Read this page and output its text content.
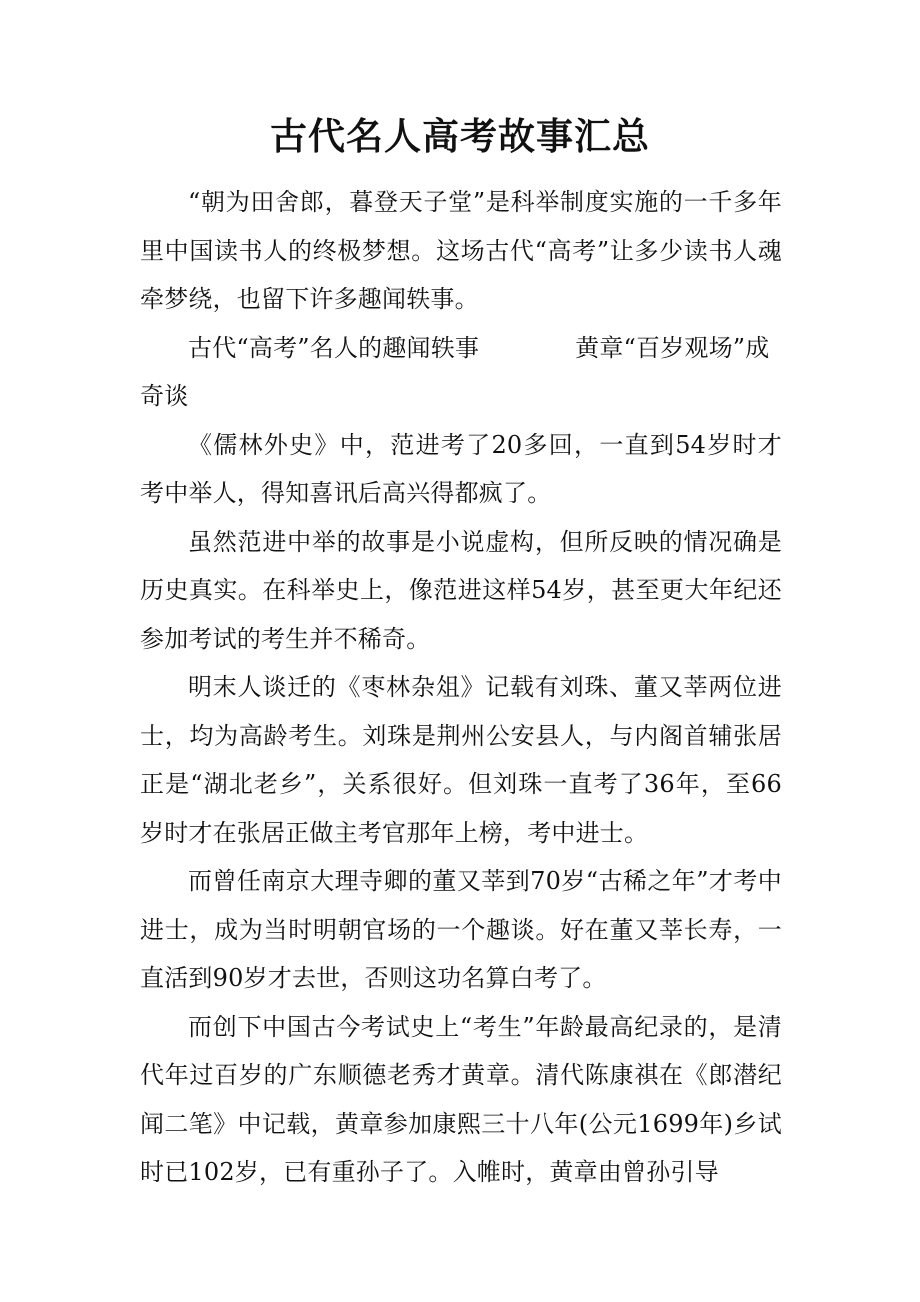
古代名人高考故事汇总

“朝为田舍郎，暮登天子堂”是科举制度实施的一千多年里中国读书人的终极梦想。这场古代“高考”让多少读书人魂牵梦绕，也留下许多趣闻轶事。

古代“高考”名人的趣闻轶事	黄章“百岁观场”成奇谈

《儒林外史》中，范进考了20多回，一直到54岁时才考中举人，得知喜讯后高兴得都疯了。

虽然范进中举的故事是小说虚构，但所反映的情况确是历史真实。在科举史上，像范进这样54岁，甚至更大年纪还参加考试的考生并不稀奇。

明末人谈迁的《枣林杂俎》记载有刘珠、董又莘两位进士，均为高龄考生。刘珠是荆州公安县人，与内阁首辅张居正是“湖北老乡”，关系很好。但刘珠一直考了36年，至66岁时才在张居正做主考官那年上榜，考中进士。

而曾任南京大理寺卿的董又莘到70岁“古稀之年”才考中进士，成为当时明朝官场的一个趣谈。好在董又莘长寿，一直活到90岁才去世，否则这功名算白考了。

而创下中国古今考试史上“考生”年龄最高纪录的，是清代年过百岁的广东顺德老秀才黄章。清代陈康祺在《郎潜纪闻二笔》中记载，黄章参加康熙三十八年(公元1699年)乡试时已102岁，已有重孙子了。入帷时，黄章由曾孙引导
